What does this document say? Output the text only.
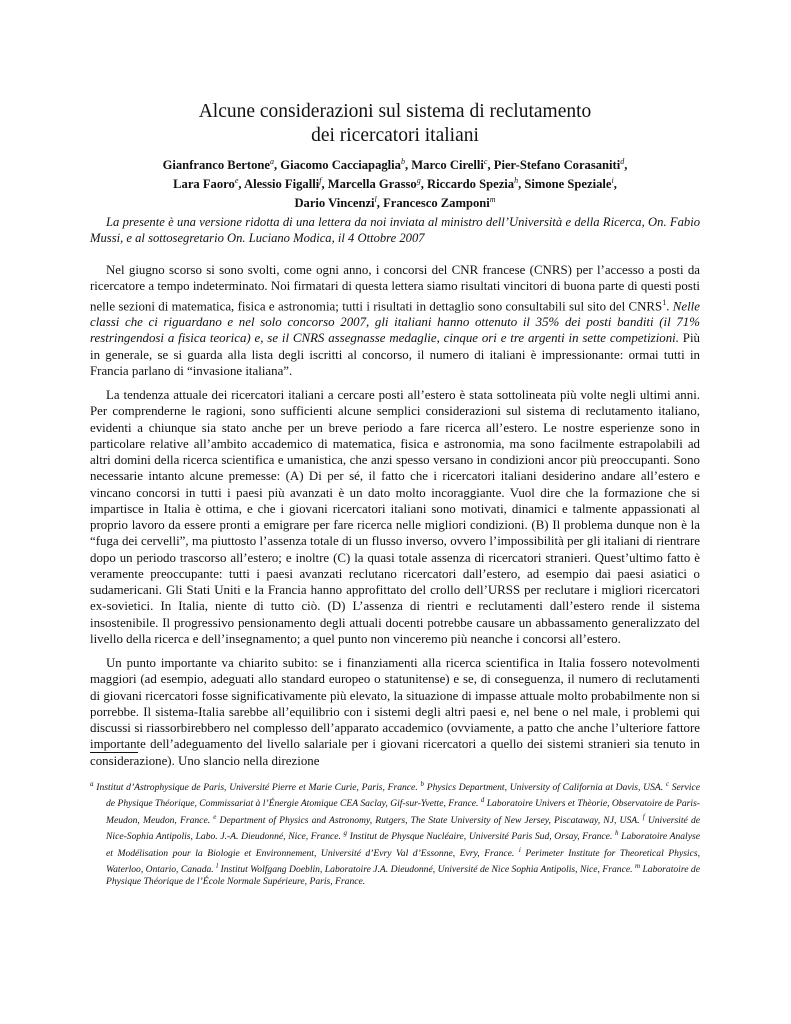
Alcune considerazioni sul sistema di reclutamento
dei ricercatori italiani
Gianfranco Bertone$^a$, Giacomo Cacciapaglia$^b$, Marco Cirelli$^c$, Pier-Stefano Corasaniti$^d$,
Lara Faoro$^e$, Alessio Figalli$^f$, Marcella Grasso$^g$, Riccardo Spezia$^h$, Simone Speziale$^i$,
Dario Vincenzi$^l$, Francesco Zamponi$^m$
La presente è una versione ridotta di una lettera da noi inviata al ministro dell’Università e della Ricerca, On. Fabio Mussi, e al sottosegretario On. Luciano Modica, il 4 Ottobre 2007

Nel giugno scorso si sono svolti, come ogni anno, i concorsi del CNR francese (CNRS) per l’accesso a posti da ricercatore a tempo indeterminato. Noi firmatari di questa lettera siamo risultati vincitori di buona parte di questi posti nelle sezioni di matematica, fisica e astronomia; tutti i risultati in dettaglio sono consultabili sul sito del CNRS$^1$. Nelle classi che ci riguardano e nel solo concorso 2007, gli italiani hanno ottenuto il 35% dei posti banditi (il 71% restringendosi a fisica teorica) e, se il CNRS assegnasse medaglie, cinque ori e tre argenti in sette competizioni. Più in generale, se si guarda alla lista degli iscritti al concorso, il numero di italiani è impressionante: ormai tutti in Francia parlano di “invasione italiana”.

La tendenza attuale dei ricercatori italiani a cercare posti all’estero è stata sottolineata più volte negli ultimi anni. Per comprenderne le ragioni, sono sufficienti alcune semplici considerazioni sul sistema di reclutamento italiano, evidenti a chiunque sia stato anche per un breve periodo a fare ricerca all’estero. Le nostre esperienze sono in particolare relative all’ambito accademico di matematica, fisica e astronomia, ma sono facilmente estrapolabili ad altri domini della ricerca scientifica e umanistica, che anzi spesso versano in condizioni ancor più preoccupanti. Sono necessarie intanto alcune premesse: (A) Di per sé, il fatto che i ricercatori italiani desiderino andare all’estero e vincano concorsi in tutti i paesi più avanzati è un dato molto incoraggiante. Vuol dire che la formazione che si impartisce in Italia è ottima, e che i giovani ricercatori italiani sono motivati, dinamici e talmente appassionati al proprio lavoro da essere pronti a emigrare per fare ricerca nelle migliori condizioni. (B) Il problema dunque non è la “fuga dei cervelli”, ma piuttosto l’assenza totale di un flusso inverso, ovvero l’impossibilità per gli italiani di rientrare dopo un periodo trascorso all’estero; e inoltre (C) la quasi totale assenza di ricercatori stranieri. Quest’ultimo fatto è veramente preoccupante: tutti i paesi avanzati reclutano ricercatori dall’estero, ad esempio dai paesi asiatici o sudamericani. Gli Stati Uniti e la Francia hanno approfittato del crollo dell’URSS per reclutare i migliori ricercatori ex-sovietici. In Italia, niente di tutto ciò. (D) L’assenza di rientri e reclutamenti dall’estero rende il sistema insostenibile. Il progressivo pensionamento degli attuali docenti potrebbe causare un abbassamento generalizzato del livello della ricerca e dell’insegnamento; a quel punto non vinceremo più neanche i concorsi all’estero.

Un punto importante va chiarito subito: se i finanziamenti alla ricerca scientifica in Italia fossero notevolmenti maggiori (ad esempio, adeguati allo standard europeo o statunitense) e se, di conseguenza, il numero di reclutamenti di giovani ricercatori fosse significativamente più elevato, la situazione di impasse attuale molto probabilmente non si porrebbe. Il sistema-Italia sarebbe all’equilibrio con i sistemi degli altri paesi e, nel bene o nel male, i problemi qui discussi si riassorbirebbero nel complesso dell’apparato accademico (ovviamente, a patto che anche l’ulteriore fattore importante dell’adeguamento del livello salariale per i giovani ricercatori a quello dei sistemi stranieri sia tenuto in considerazione). Uno slancio nella direzione

$^a$ Institut d’Astrophysique de Paris, Université Pierre et Marie Curie, Paris, France. $^b$ Physics Department, University of California at Davis, USA. $^c$ Service de Physique Théorique, Commissariat à l’Énergie Atomique CEA Saclay, Gif-sur-Yvette, France. $^d$ Laboratoire Univers et Thèorie, Observatoire de Paris-Meudon, Meudon, France. $^e$ Department of Physics and Astronomy, Rutgers, The State University of New Jersey, Piscataway, NJ, USA. $^f$ Université de Nice-Sophia Antipolis, Labo. J.-A. Dieudonné, Nice, France. $^g$ Institut de Physque Nucléaire, Université Paris Sud, Orsay, France. $^h$ Laboratoire Analyse et Modélisation pour la Biologie et Environnement, Université d’Evry Val d’Essonne, Evry, France. $^i$ Perimeter Institute for Theoretical Physics, Waterloo, Ontario, Canada. $^l$ Institut Wolfgang Doeblin, Laboratoire J.A. Dieudonné, Université de Nice Sophia Antipolis, Nice, France. $^m$ Laboratoire de Physique Théorique de l’École Normale Supérieure, Paris, France.
